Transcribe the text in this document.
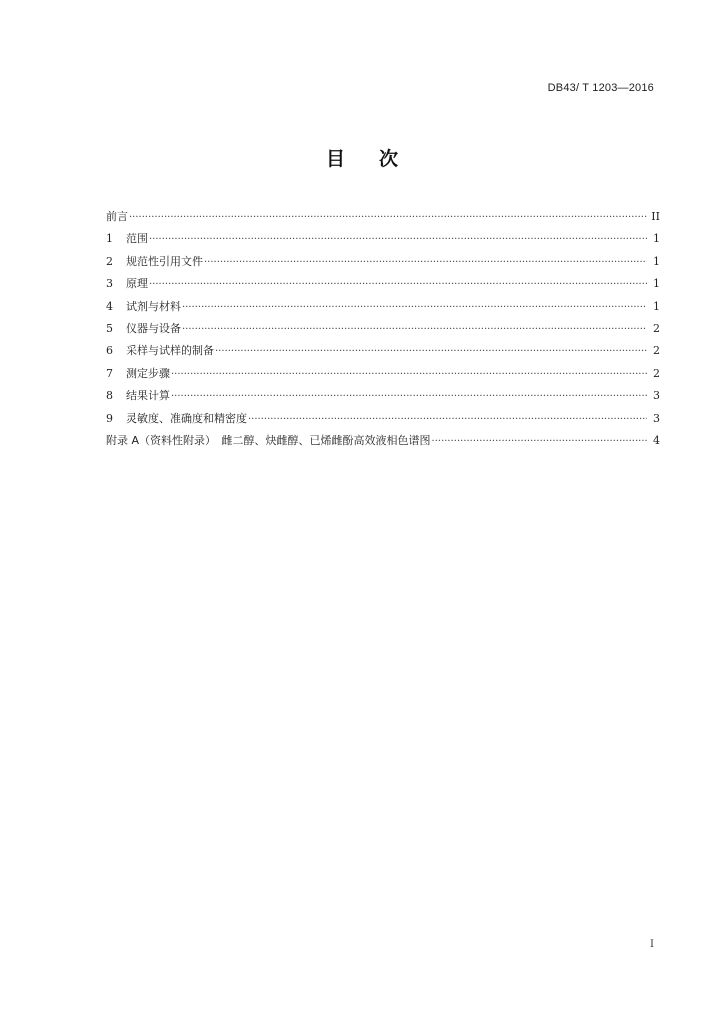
DB43/ T 1203—2016
目 次
前言 ·····	II
1	范围 ·····	1
2	规范性引用文件 ·····	1
3	原理 ·····	1
4	试剂与材料 ·····	1
5	仪器与设备 ·····	2
6	采样与试样的制备 ·····	2
7	测定步骤 ·····	2
8	结果计算 ·····	3
9	灵敏度、准确度和精密度 ·····	3
附录 A（资料性附录）　雌二醇、炔雌醇、已烯雌酚高效液相色谱图 ·····	4
I
